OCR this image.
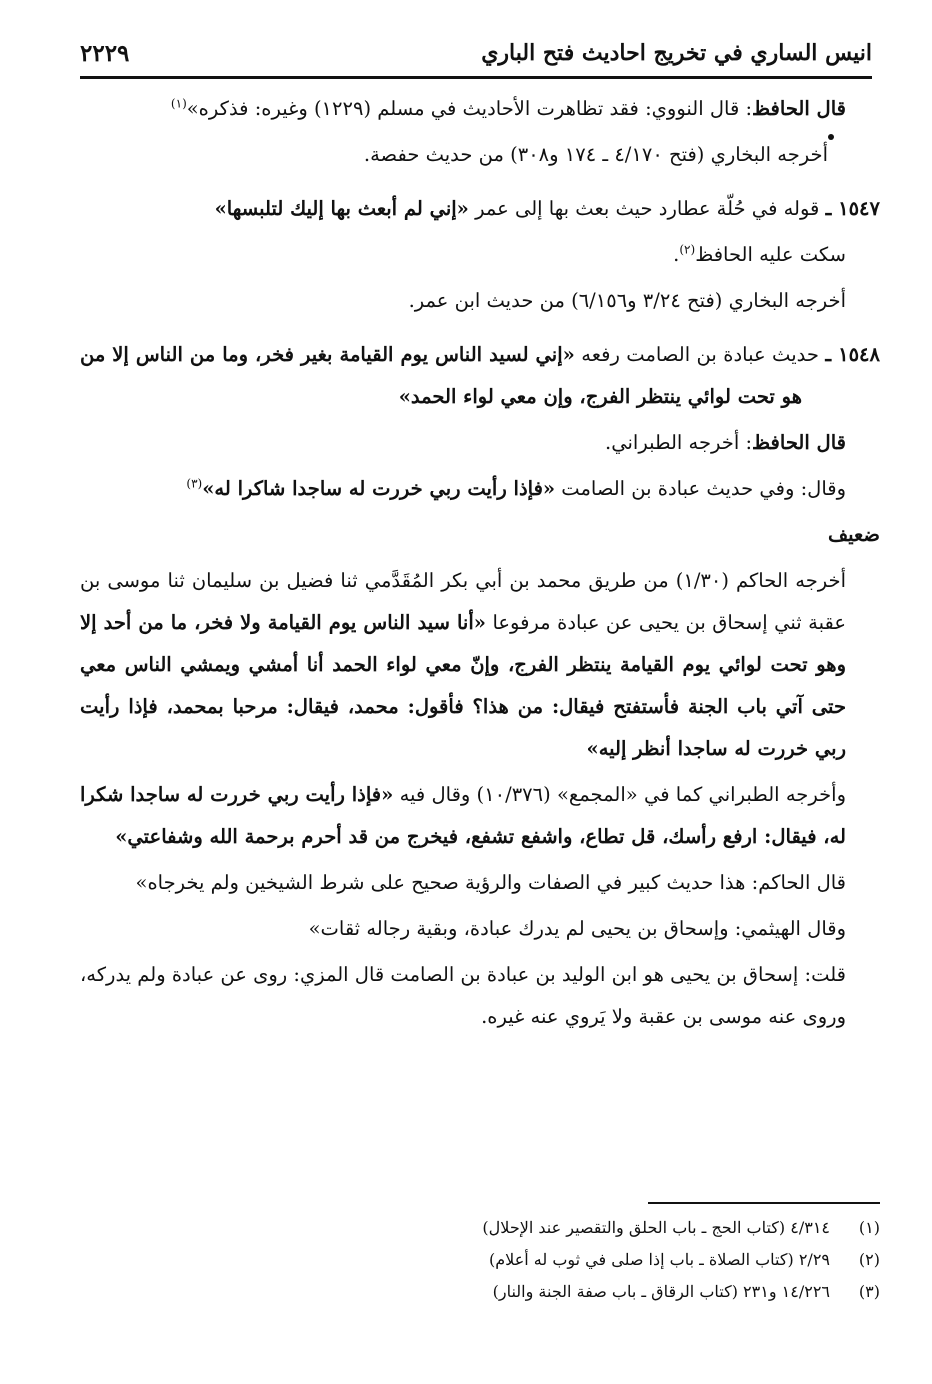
انيس الساري في تخريج احاديث فتح الباري
٢٢٢٩

قال الحافظ: قال النووي: فقد تظاهرت الأحاديث في مسلم (١٢٢٩) وغيره: فذكره»$^{(١)}$

أخرجه البخاري (فتح ٤/١٧٠ ـ ١٧٤ و٣٠٨) من حديث حفصة.

١٥٤٧ ـ قوله في حُلّة عطارد حيث بعث بها إلى عمر «إني لم أبعث بها إليك لتلبسها»

سكت عليه الحافظ$^{(٢)}$.

أخرجه البخاري (فتح ٣/٢٤ و٦/١٥٦) من حديث ابن عمر.

١٥٤٨ ـ حديث عبادة بن الصامت رفعه «إني لسيد الناس يوم القيامة بغير فخر، وما من الناس إلا من هو تحت لوائي ينتظر الفرج، وإن معي لواء الحمد»

قال الحافظ: أخرجه الطبراني.

وقال: وفي حديث عبادة بن الصامت «فإذا رأيت ربي خررت له ساجدا شاكرا له»$^{(٣)}$

ضعيف

أخرجه الحاكم (١/٣٠) من طريق محمد بن أبي بكر المُقَدَّمي ثنا فضيل بن سليمان ثنا موسى بن عقبة ثني إسحاق بن يحيى عن عبادة مرفوعا «أنا سيد الناس يوم القيامة ولا فخر، ما من أحد إلا وهو تحت لوائي يوم القيامة ينتظر الفرج، وإنّ معي لواء الحمد أنا أمشي ويمشي الناس معي حتى آتي باب الجنة فأستفتح فيقال: من هذا؟ فأقول: محمد، فيقال: مرحبا بمحمد، فإذا رأيت ربي خررت له ساجدا أنظر إليه»

وأخرجه الطبراني كما في «المجمع» (١٠/٣٧٦) وقال فيه «فإذا رأيت ربي خررت له ساجدا شكرا له، فيقال: ارفع رأسك، قل تطاع، واشفع تشفع، فيخرج من قد أحرم برحمة الله وشفاعتي»

قال الحاكم: هذا حديث كبير في الصفات والرؤية صحيح على شرط الشيخين ولم يخرجاه»

وقال الهيثمي: وإسحاق بن يحيى لم يدرك عبادة، وبقية رجاله ثقات»

قلت: إسحاق بن يحيى هو ابن الوليد بن عبادة بن الصامت قال المزي: روى عن عبادة ولم يدركه، وروى عنه موسى بن عقبة ولا يَروي عنه غيره.

(١)
٤/٣١٤ (كتاب الحج ـ باب الحلق والتقصير عند الإحلال)
(٢)
٢/٢٩ (كتاب الصلاة ـ باب إذا صلى في ثوب له أعلام)
(٣)
١٤/٢٢٦ و٢٣١ (كتاب الرقاق ـ باب صفة الجنة والنار)
